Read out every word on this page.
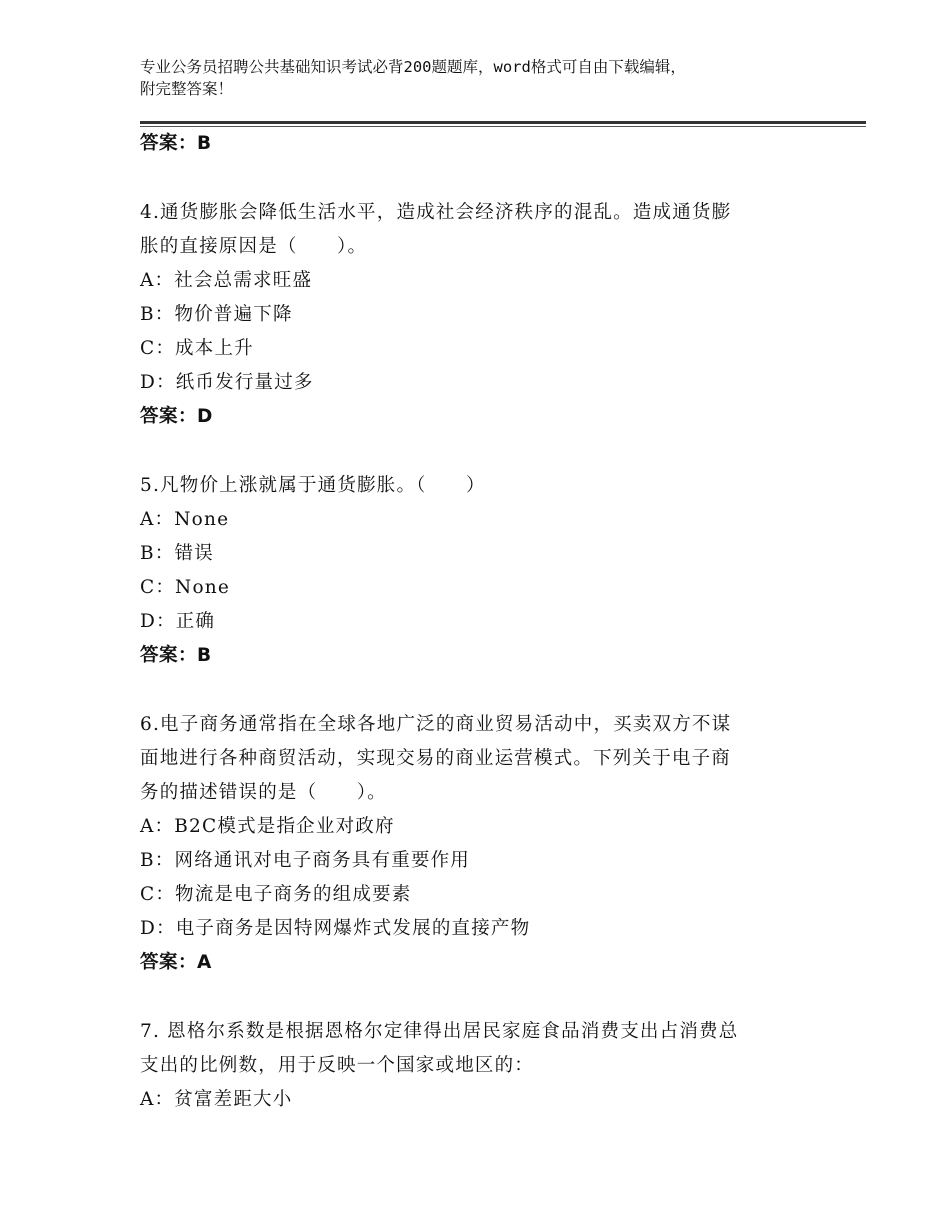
专业公务员招聘公共基础知识考试必背200题题库，word格式可自由下载编辑，
附完整答案！
答案：B
4.通货膨胀会降低生活水平，造成社会经济秩序的混乱。造成通货膨
胀的直接原因是（　　）。
A：社会总需求旺盛
B：物价普遍下降
C：成本上升
D：纸币发行量过多
答案：D
5.凡物价上涨就属于通货膨胀。（　　）
A：None
B：错误
C：None
D：正确
答案：B
6.电子商务通常指在全球各地广泛的商业贸易活动中，买卖双方不谋
面地进行各种商贸活动，实现交易的商业运营模式。下列关于电子商
务的描述错误的是（　　）。
A：B2C模式是指企业对政府
B：网络通讯对电子商务具有重要作用
C：物流是电子商务的组成要素
D：电子商务是因特网爆炸式发展的直接产物
答案：A
7. 恩格尔系数是根据恩格尔定律得出居民家庭食品消费支出占消费总
支出的比例数，用于反映一个国家或地区的：
A：贫富差距大小
